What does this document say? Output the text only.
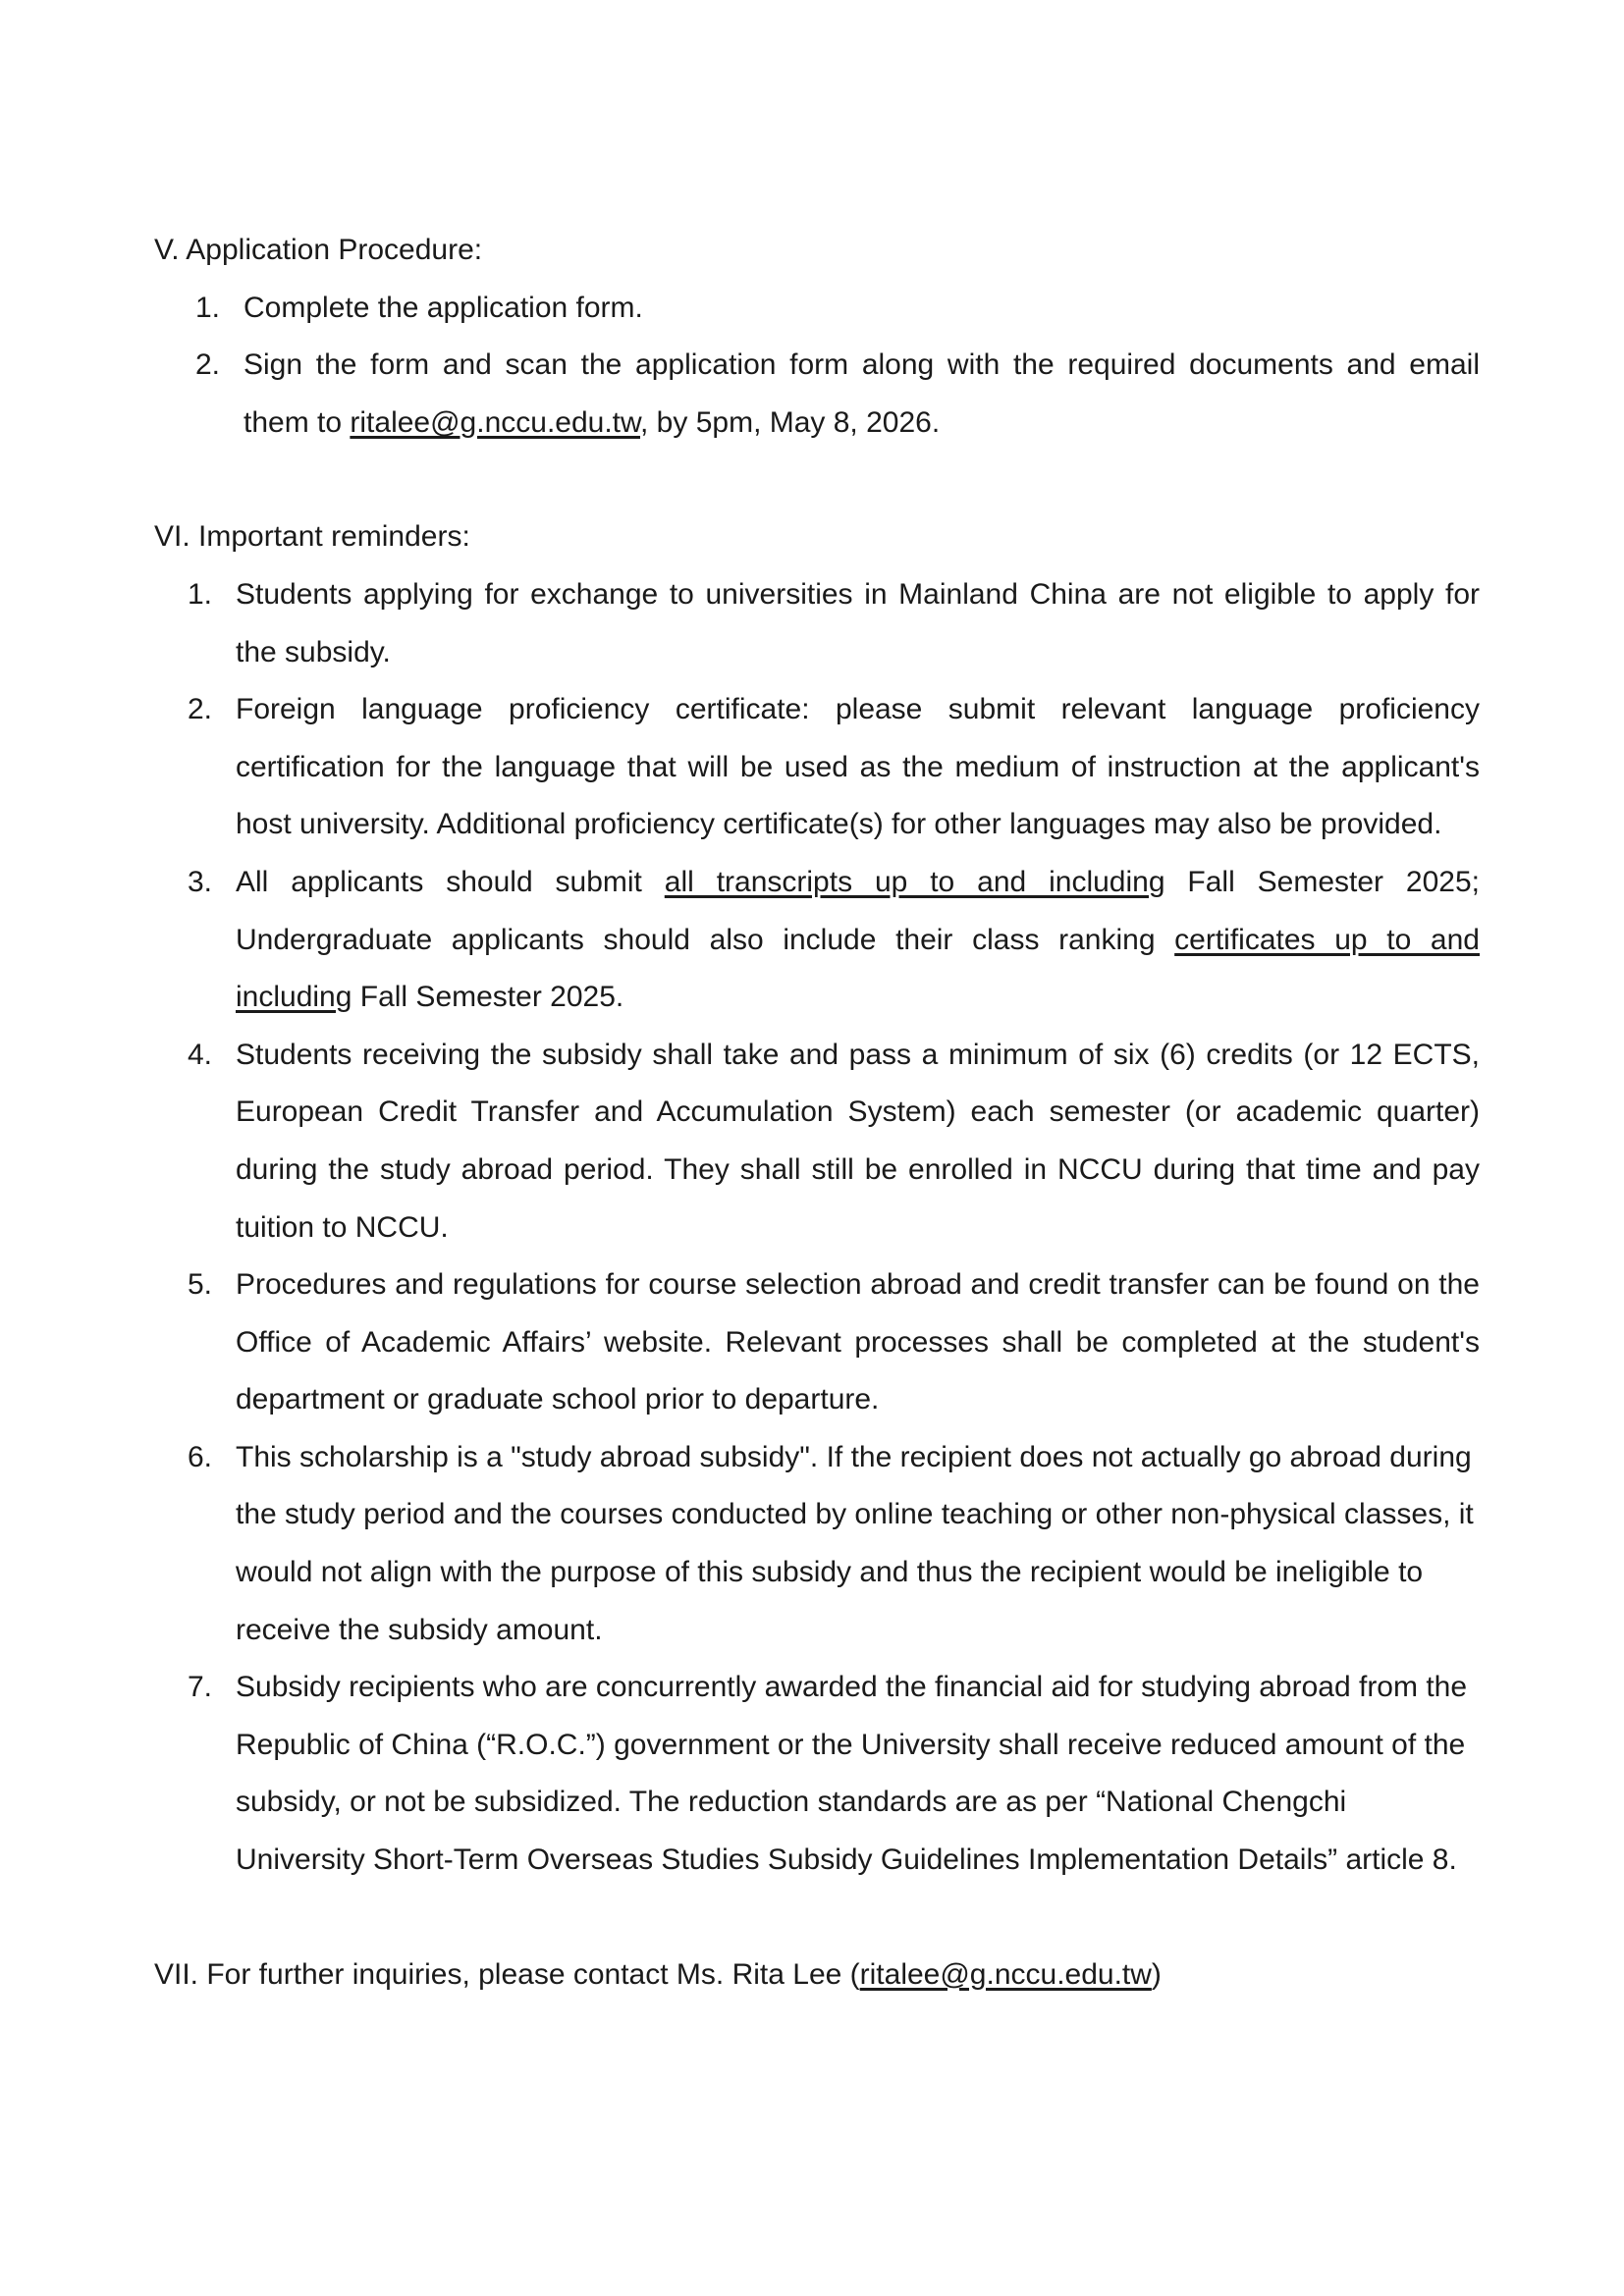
V. Application Procedure:

1. Complete the application form.
2. Sign the form and scan the application form along with the required documents and email them to ritalee@g.nccu.edu.tw, by 5pm, May 8, 2026.

VI. Important reminders:

1. Students applying for exchange to universities in Mainland China are not eligible to apply for the subsidy.
2. Foreign language proficiency certificate: please submit relevant language proficiency certification for the language that will be used as the medium of instruction at the applicant's host university. Additional proficiency certificate(s) for other languages may also be provided.
3. All applicants should submit all transcripts up to and including Fall Semester 2025; Undergraduate applicants should also include their class ranking certificates up to and including Fall Semester 2025.
4. Students receiving the subsidy shall take and pass a minimum of six (6) credits (or 12 ECTS, European Credit Transfer and Accumulation System) each semester (or academic quarter) during the study abroad period. They shall still be enrolled in NCCU during that time and pay tuition to NCCU.
5. Procedures and regulations for course selection abroad and credit transfer can be found on the Office of Academic Affairs’ website. Relevant processes shall be completed at the student's department or graduate school prior to departure.
6. This scholarship is a "study abroad subsidy". If the recipient does not actually go abroad during the study period and the courses conducted by online teaching or other non-physical classes, it would not align with the purpose of this subsidy and thus the recipient would be ineligible to receive the subsidy amount.
7. Subsidy recipients who are concurrently awarded the financial aid for studying abroad from the Republic of China (“R.O.C.”) government or the University shall receive reduced amount of the subsidy, or not be subsidized. The reduction standards are as per “National Chengchi University Short-Term Overseas Studies Subsidy Guidelines Implementation Details” article 8.

VII. For further inquiries, please contact Ms. Rita Lee (ritalee@g.nccu.edu.tw)
